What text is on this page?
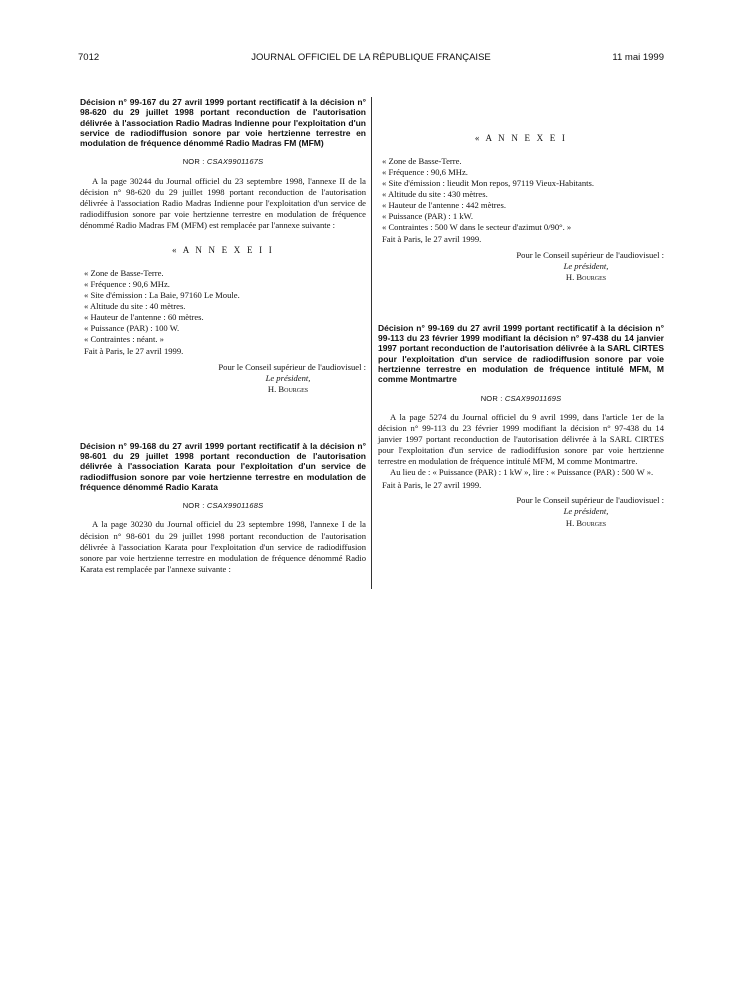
7012	JOURNAL OFFICIEL DE LA RÉPUBLIQUE FRANÇAISE	11 mai 1999

Décision n° 99-167 du 27 avril 1999 portant rectificatif à la décision n° 98-620 du 29 juillet 1998 portant reconduction de l'autorisation délivrée à l'association Radio Madras Indienne pour l'exploitation d'un service de radiodiffusion sonore par voie hertzienne terrestre en modulation de fréquence dénommé Radio Madras FM (MFM)

NOR : CSAX9901167S

A la page 30244 du Journal officiel du 23 septembre 1998, l'annexe II de la décision n° 98-620 du 29 juillet 1998 portant reconduction de l'autorisation délivrée à l'association Radio Madras Indienne pour l'exploitation d'un service de radiodiffusion sonore par voie hertzienne terrestre en modulation de fréquence dénommé Radio Madras FM (MFM) est remplacée par l'annexe suivante :

« A N N E X E I I

« Zone de Basse-Terre.
« Fréquence : 90,6 MHz.
« Site d'émission : La Baie, 97160 Le Moule.
« Altitude du site : 40 mètres.
« Hauteur de l'antenne : 60 mètres.
« Puissance (PAR) : 100 W.
« Contraintes : néant. »

Fait à Paris, le 27 avril 1999.

Pour le Conseil supérieur de l'audiovisuel :
Le président,
H. Bourges

Décision n° 99-168 du 27 avril 1999 portant rectificatif à la décision n° 98-601 du 29 juillet 1998 portant reconduction de l'autorisation délivrée à l'association Karata pour l'exploitation d'un service de radiodiffusion sonore par voie hertzienne terrestre en modulation de fréquence dénommé Radio Karata

NOR : CSAX9901168S

A la page 30230 du Journal officiel du 23 septembre 1998, l'annexe I de la décision n° 98-601 du 29 juillet 1998 portant reconduction de l'autorisation délivrée à l'association Karata pour l'exploitation d'un service de radiodiffusion sonore par voie hertzienne terrestre en modulation de fréquence dénommé Radio Karata est remplacée par l'annexe suivante :

« A N N E X E I

« Zone de Basse-Terre.
« Fréquence : 90,6 MHz.
« Site d'émission : lieudit Mon repos, 97119 Vieux-Habitants.
« Altitude du site : 430 mètres.
« Hauteur de l'antenne : 442 mètres.
« Puissance (PAR) : 1 kW.
« Contraintes : 500 W dans le secteur d'azimut 0/90°. »

Fait à Paris, le 27 avril 1999.

Pour le Conseil supérieur de l'audiovisuel :
Le président,
H. Bourges

Décision n° 99-169 du 27 avril 1999 portant rectificatif à la décision n° 99-113 du 23 février 1999 modifiant la décision n° 97-438 du 14 janvier 1997 portant reconduction de l'autorisation délivrée à la SARL CIRTES pour l'exploitation d'un service de radiodiffusion sonore par voie hertzienne terrestre en modulation de fréquence intitulé MFM, M comme Montmartre

NOR : CSAX9901169S

A la page 5274 du Journal officiel du 9 avril 1999, dans l'article 1er de la décision n° 99-113 du 23 février 1999 modifiant la décision n° 97-438 du 14 janvier 1997 portant reconduction de l'autorisation délivrée à la SARL CIRTES pour l'exploitation d'un service de radiodiffusion sonore par voie hertzienne terrestre en modulation de fréquence intitulé MFM, M comme Montmartre.

Au lieu de : « Puissance (PAR) : 1 kW », lire : « Puissance (PAR) : 500 W ».

Fait à Paris, le 27 avril 1999.

Pour le Conseil supérieur de l'audiovisuel :
Le président,
H. Bourges
